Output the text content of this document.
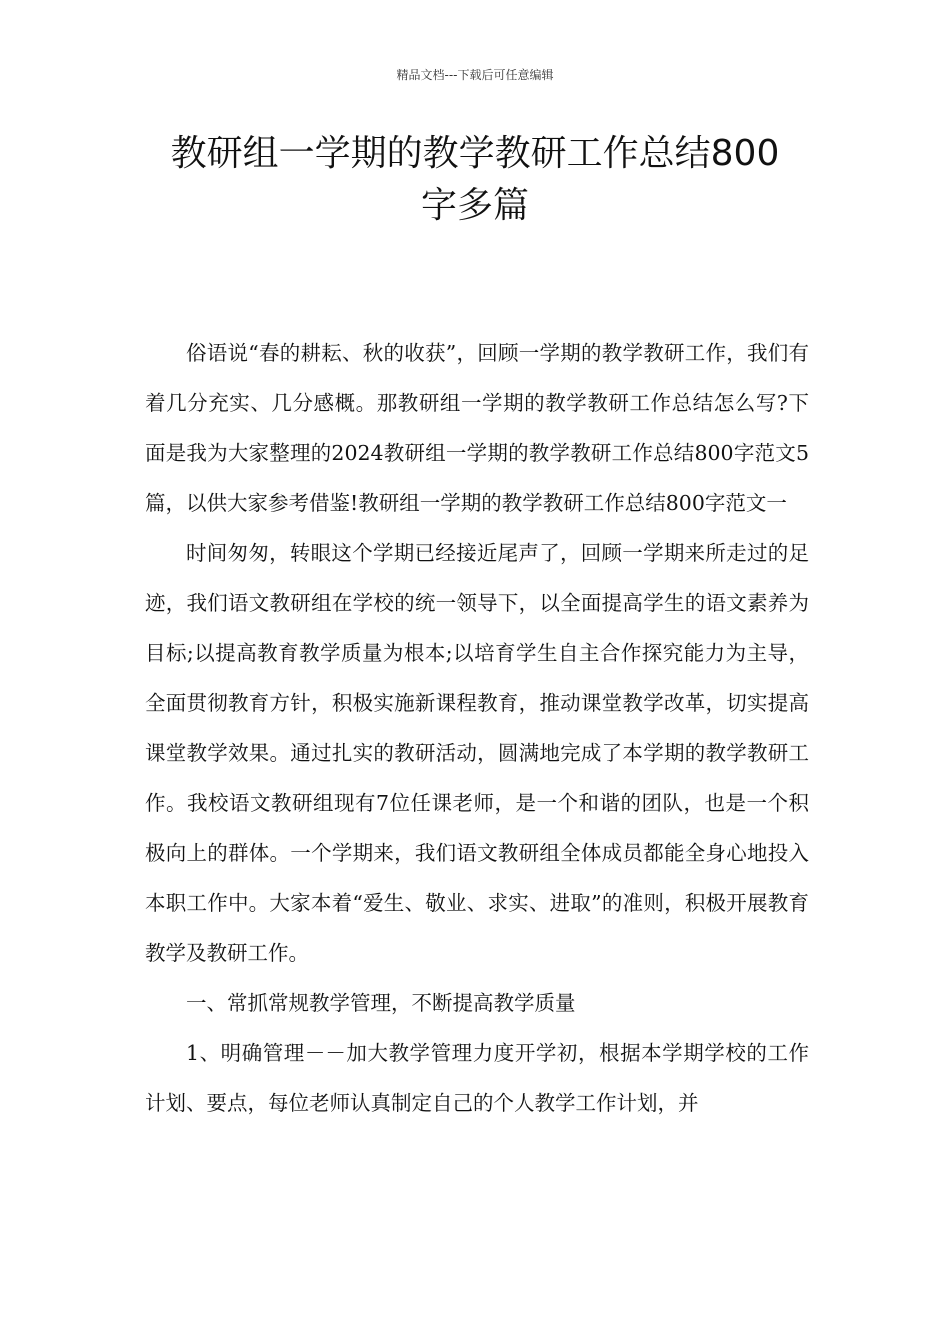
精品文档---下载后可任意编辑
教研组一学期的教学教研工作总结800
字多篇

俗语说“春的耕耘、秋的收获”，回顾一学期的教学教研工作，我们有着几分充实、几分感概。那教研组一学期的教学教研工作总结怎么写?下面是我为大家整理的2024教研组一学期的教学教研工作总结800字范文5篇，以供大家参考借鉴!教研组一学期的教学教研工作总结800字范文一

时间匆匆，转眼这个学期已经接近尾声了，回顾一学期来所走过的足迹，我们语文教研组在学校的统一领导下，以全面提高学生的语文素养为目标;以提高教育教学质量为根本;以培育学生自主合作探究能力为主导，全面贯彻教育方针，积极实施新课程教育，推动课堂教学改革，切实提高课堂教学效果。通过扎实的教研活动，圆满地完成了本学期的教学教研工作。我校语文教研组现有7位任课老师，是一个和谐的团队，也是一个积极向上的群体。一个学期来，我们语文教研组全体成员都能全身心地投入本职工作中。大家本着“爱生、敬业、求实、进取”的准则，积极开展教育教学及教研工作。

一、常抓常规教学管理，不断提高教学质量

1、明确管理－－加大教学管理力度开学初，根据本学期学校的工作计划、要点，每位老师认真制定自己的个人教学工作计划，并
